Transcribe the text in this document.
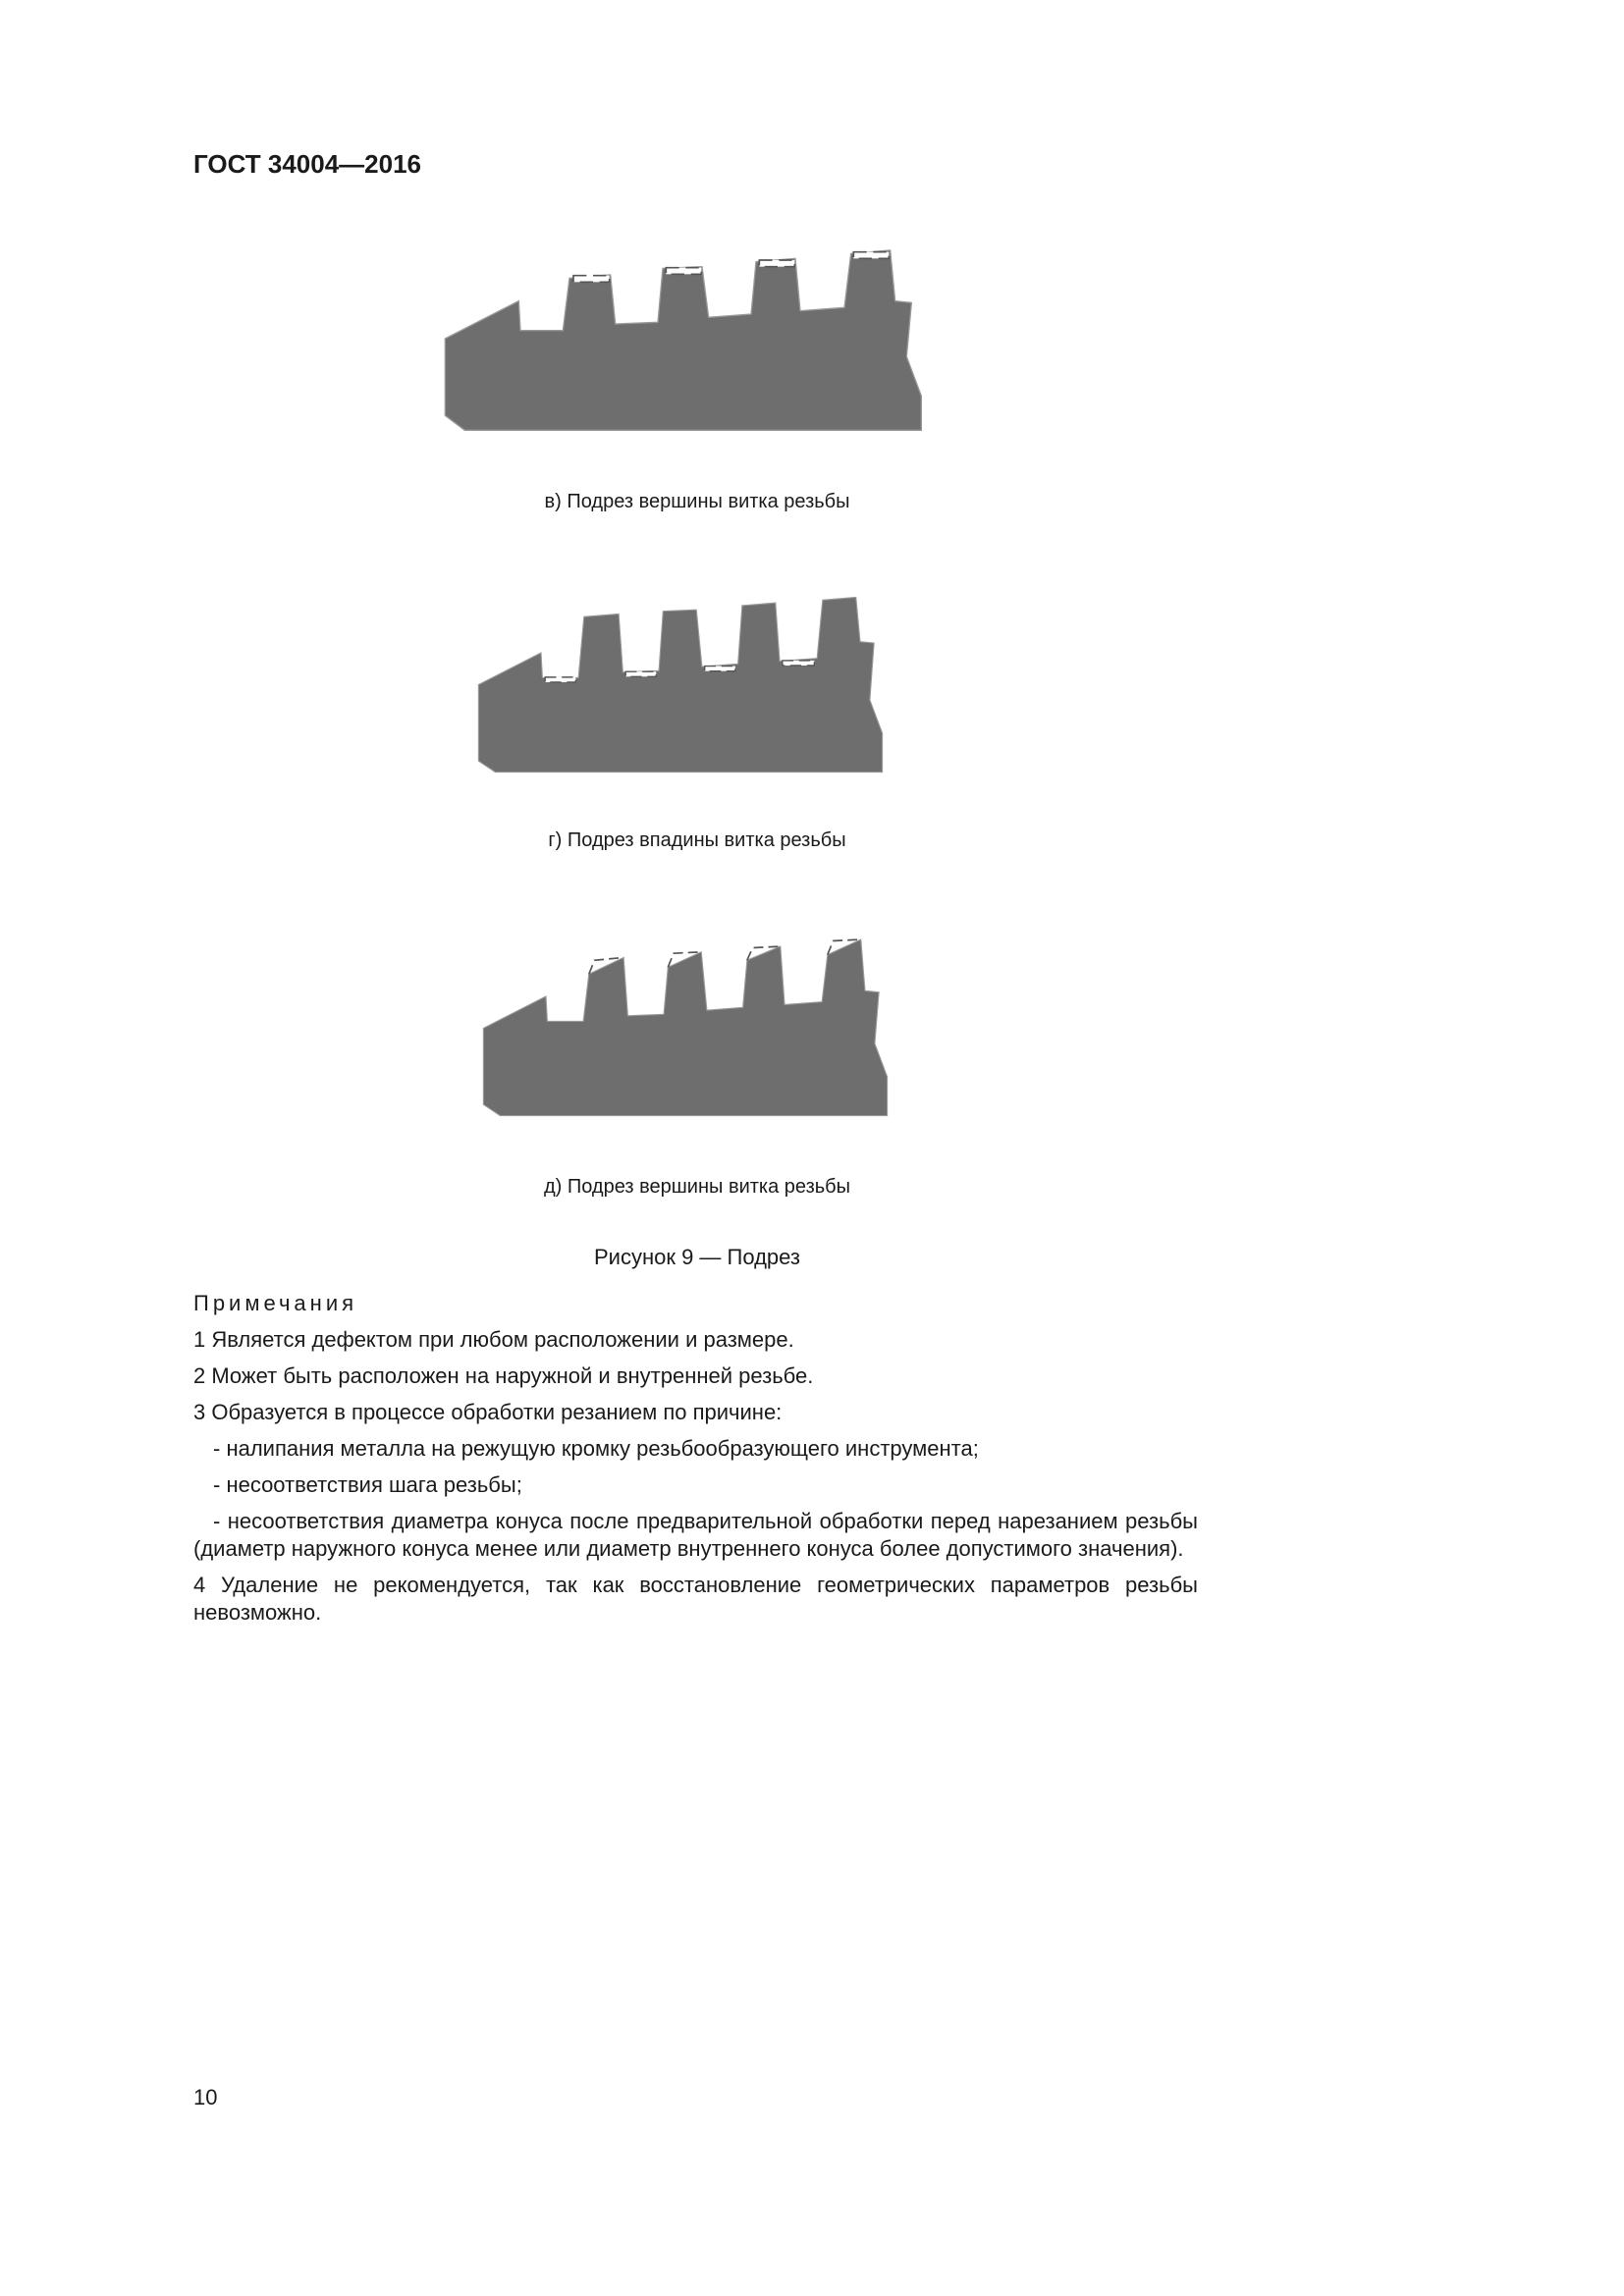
ГОСТ 34004—2016
в) Подрез вершины витка резьбы
г) Подрез впадины витка резьбы
д) Подрез вершины витка резьбы
Рисунок 9 — Подрез
Примечания

1 Является дефектом при любом расположении и размере.

2 Может быть расположен на наружной и внутренней резьбе.

3 Образуется в процессе обработки резанием по причине:

- налипания металла на режущую кромку резьбообразующего инструмента;

- несоответствия шага резьбы;

- несоответствия диаметра конуса после предварительной обработки перед нарезанием резьбы (диаметр наружного конуса менее или диаметр внутреннего конуса более допустимого значения).

4 Удаление не рекомендуется, так как восстановление геометрических параметров резьбы невозможно.

10
